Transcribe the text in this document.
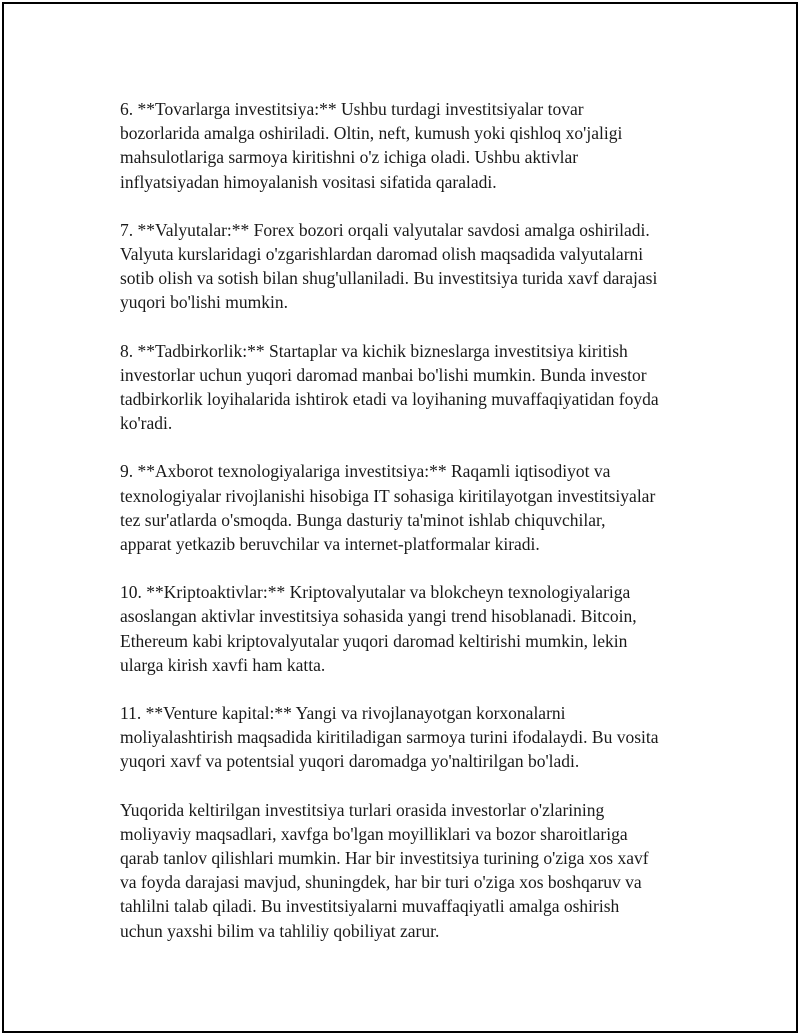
6. **Tovarlarga investitsiya:** Ushbu turdagi investitsiyalar tovar
bozorlarida amalga oshiriladi. Oltin, neft, kumush yoki qishloq xo'jaligi
mahsulotlariga sarmoya kiritishni o'z ichiga oladi. Ushbu aktivlar
inflyatsiyadan himoyalanish vositasi sifatida qaraladi.

7. **Valyutalar:** Forex bozori orqali valyutalar savdosi amalga oshiriladi.
Valyuta kurslaridagi o'zgarishlardan daromad olish maqsadida valyutalarni
sotib olish va sotish bilan shug'ullaniladi. Bu investitsiya turida xavf darajasi
yuqori bo'lishi mumkin.

8. **Tadbirkorlik:** Startaplar va kichik bizneslarga investitsiya kiritish
investorlar uchun yuqori daromad manbai bo'lishi mumkin. Bunda investor
tadbirkorlik loyihalarida ishtirok etadi va loyihaning muvaffaqiyatidan foyda
ko'radi.

9. **Axborot texnologiyalariga investitsiya:** Raqamli iqtisodiyot va
texnologiyalar rivojlanishi hisobiga IT sohasiga kiritilayotgan investitsiyalar
tez sur'atlarda o'smoqda. Bunga dasturiy ta'minot ishlab chiquvchilar,
apparat yetkazib beruvchilar va internet-platformalar kiradi.

10. **Kriptoaktivlar:** Kriptovalyutalar va blokcheyn texnologiyalariga
asoslangan aktivlar investitsiya sohasida yangi trend hisoblanadi. Bitcoin,
Ethereum kabi kriptovalyutalar yuqori daromad keltirishi mumkin, lekin
ularga kirish xavfi ham katta.

11. **Venture kapital:** Yangi va rivojlanayotgan korxonalarni
moliyalashtirish maqsadida kiritiladigan sarmoya turini ifodalaydi. Bu vosita
yuqori xavf va potentsial yuqori daromadga yo'naltirilgan bo'ladi.

Yuqorida keltirilgan investitsiya turlari orasida investorlar o'zlarining
moliyaviy maqsadlari, xavfga bo'lgan moyilliklari va bozor sharoitlariga
qarab tanlov qilishlari mumkin. Har bir investitsiya turining o'ziga xos xavf
va foyda darajasi mavjud, shuningdek, har bir turi o'ziga xos boshqaruv va
tahlilni talab qiladi. Bu investitsiyalarni muvaffaqiyatli amalga oshirish
uchun yaxshi bilim va tahliliy qobiliyat zarur.
